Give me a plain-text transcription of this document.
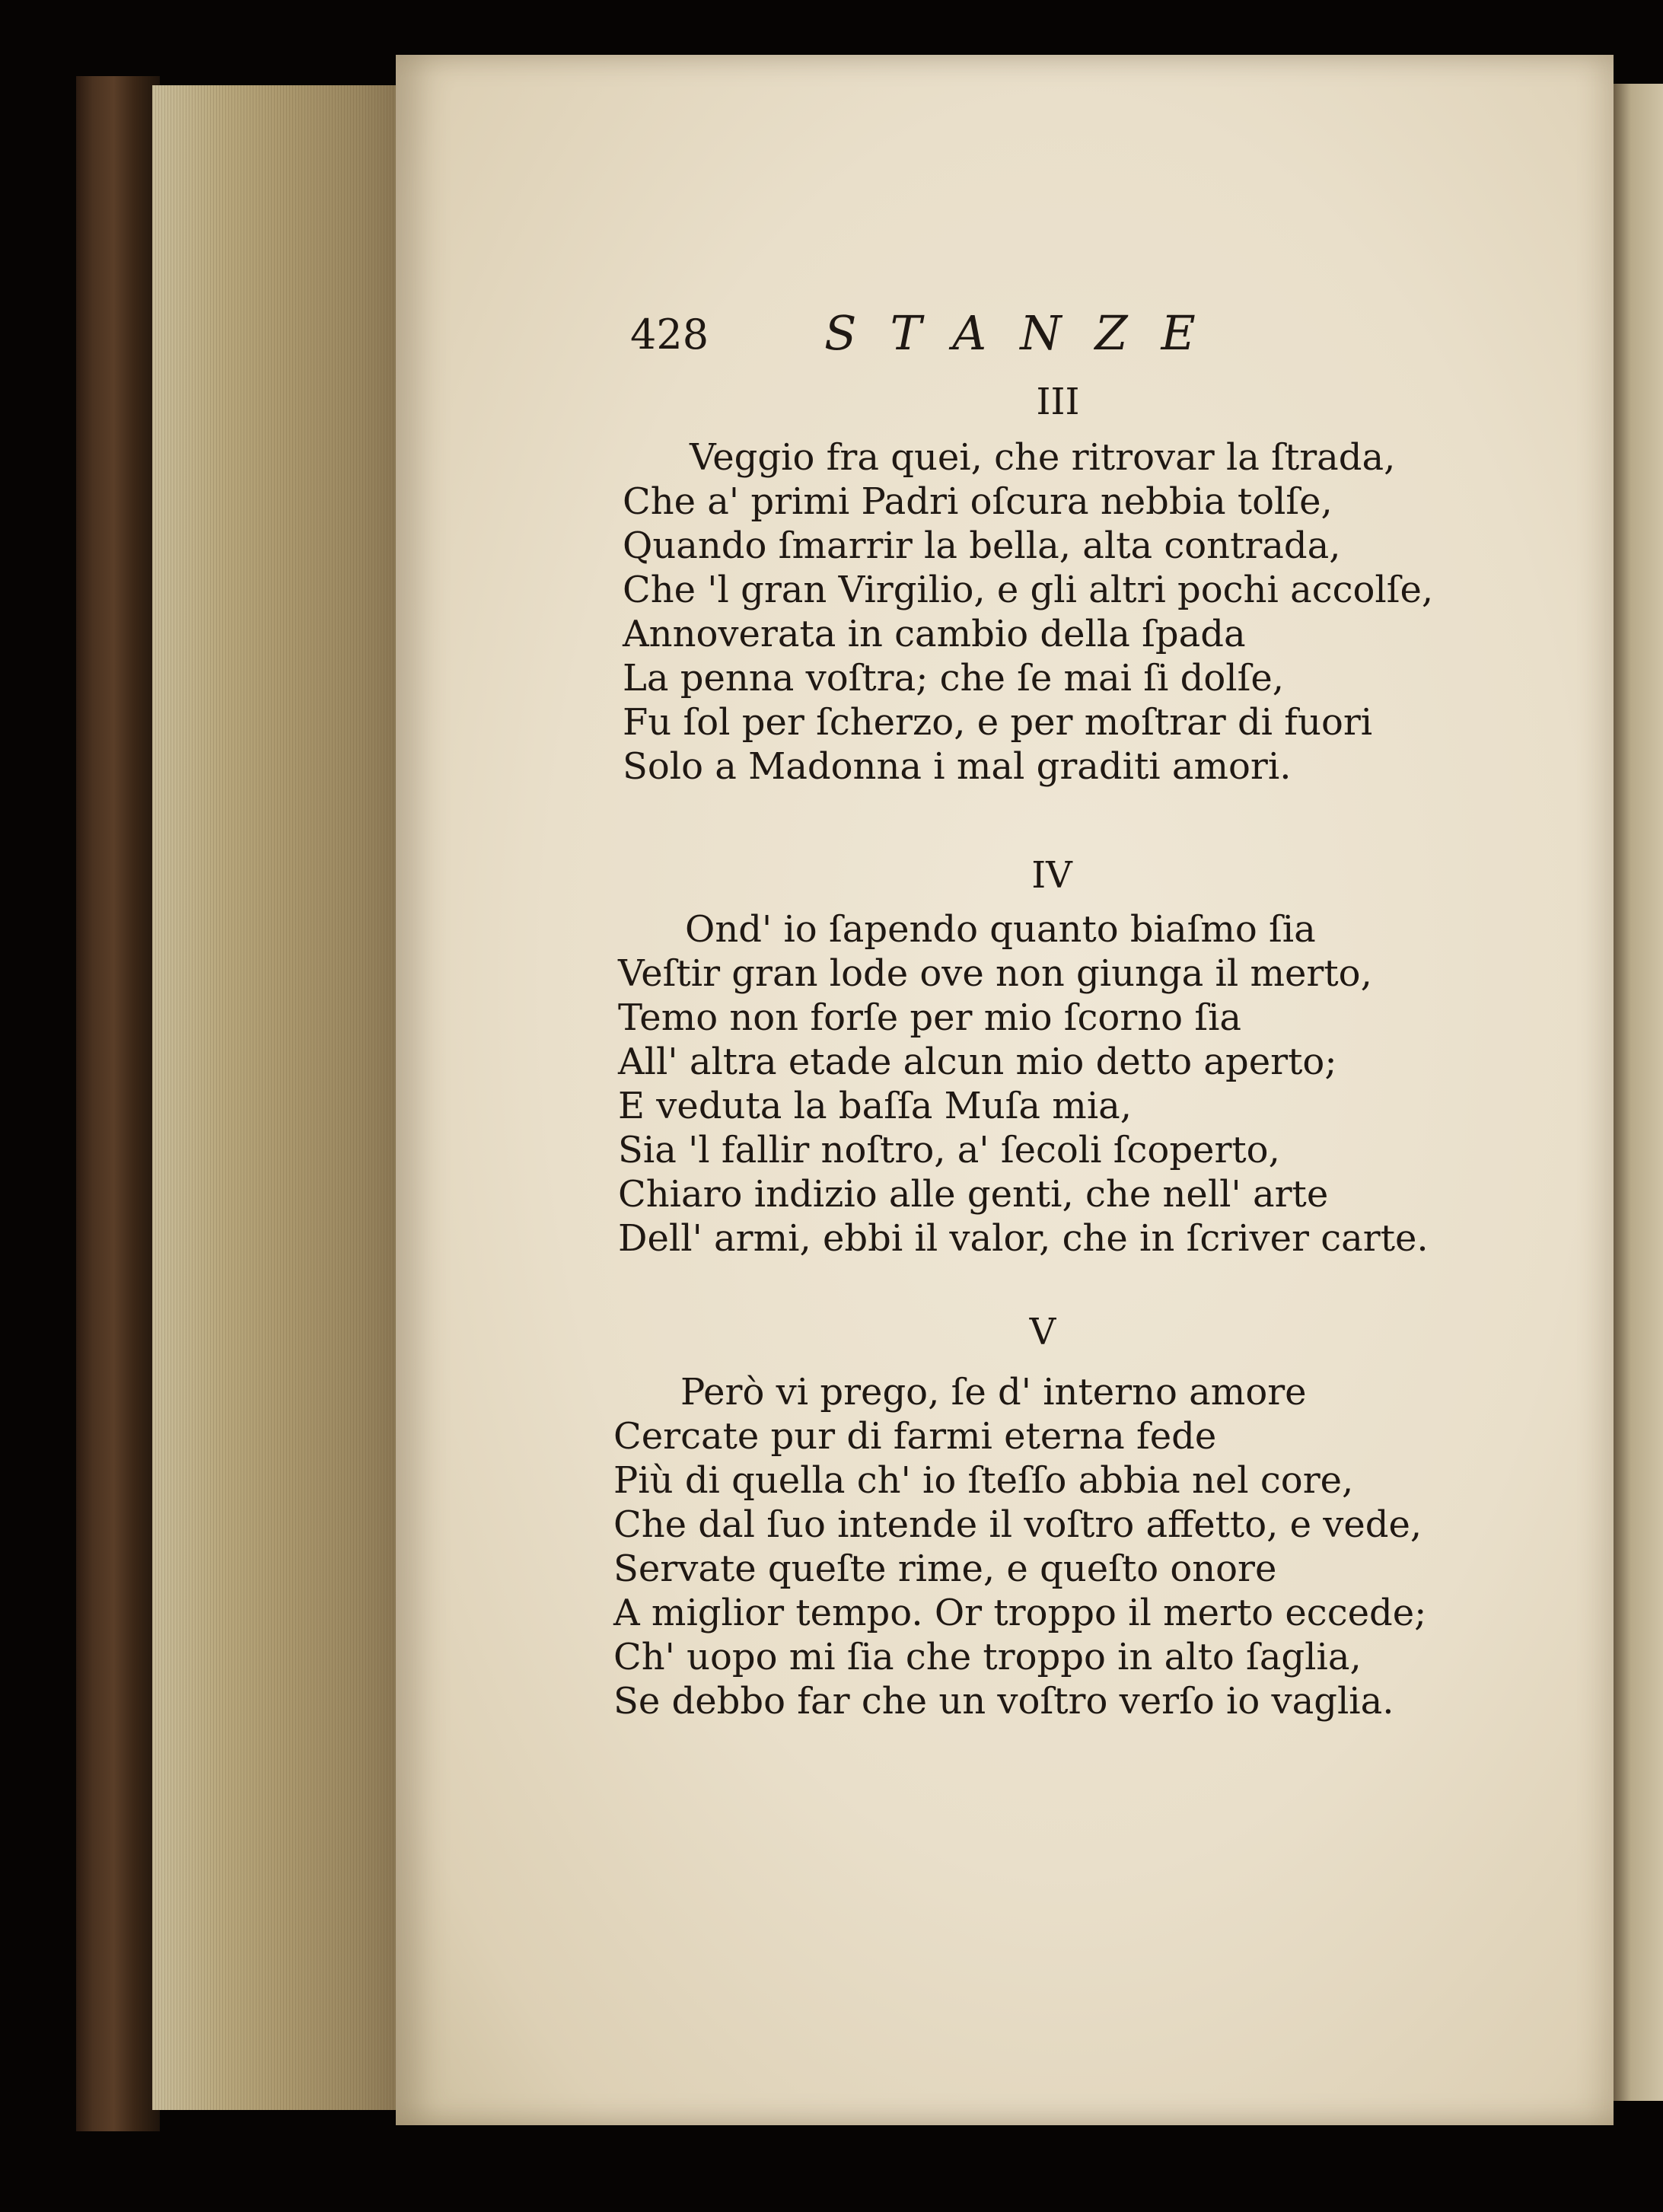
428 STANZE
III
Veggio fra quei, che ritrovar la ſtrada,
Che a' primi Padri oſcura nebbia tolſe,
Quando ſmarrir la bella, alta contrada,
Che 'l gran Virgilio, e gli altri pochi accolſe,
Annoverata in cambio della ſpada
La penna voſtra; che ſe mai ſi dolſe,
Fu ſol per ſcherzo, e per moſtrar di fuori
Solo a Madonna i mal graditi amori.
IV
Ond' io ſapendo quanto biaſmo ſia
Veſtir gran lode ove non giunga il merto,
Temo non forſe per mio ſcorno ſia
All' altra etade alcun mio detto aperto;
E veduta la baſſa Muſa mia,
Sia 'l fallir noſtro, a' ſecoli ſcoperto,
Chiaro indizio alle genti, che nell' arte
Dell' armi, ebbi il valor, che in ſcriver carte.
V
Però vi prego, ſe d' interno amore
Cercate pur di farmi eterna fede
Più di quella ch' io ſteſſo abbia nel core,
Che dal ſuo intende il voſtro affetto, e vede,
Servate queſte rime, e queſto onore
A miglior tempo. Or troppo il merto eccede;
Ch' uopo mi ſia che troppo in alto ſaglia,
Se debbo far che un voſtro verſo io vaglia.
